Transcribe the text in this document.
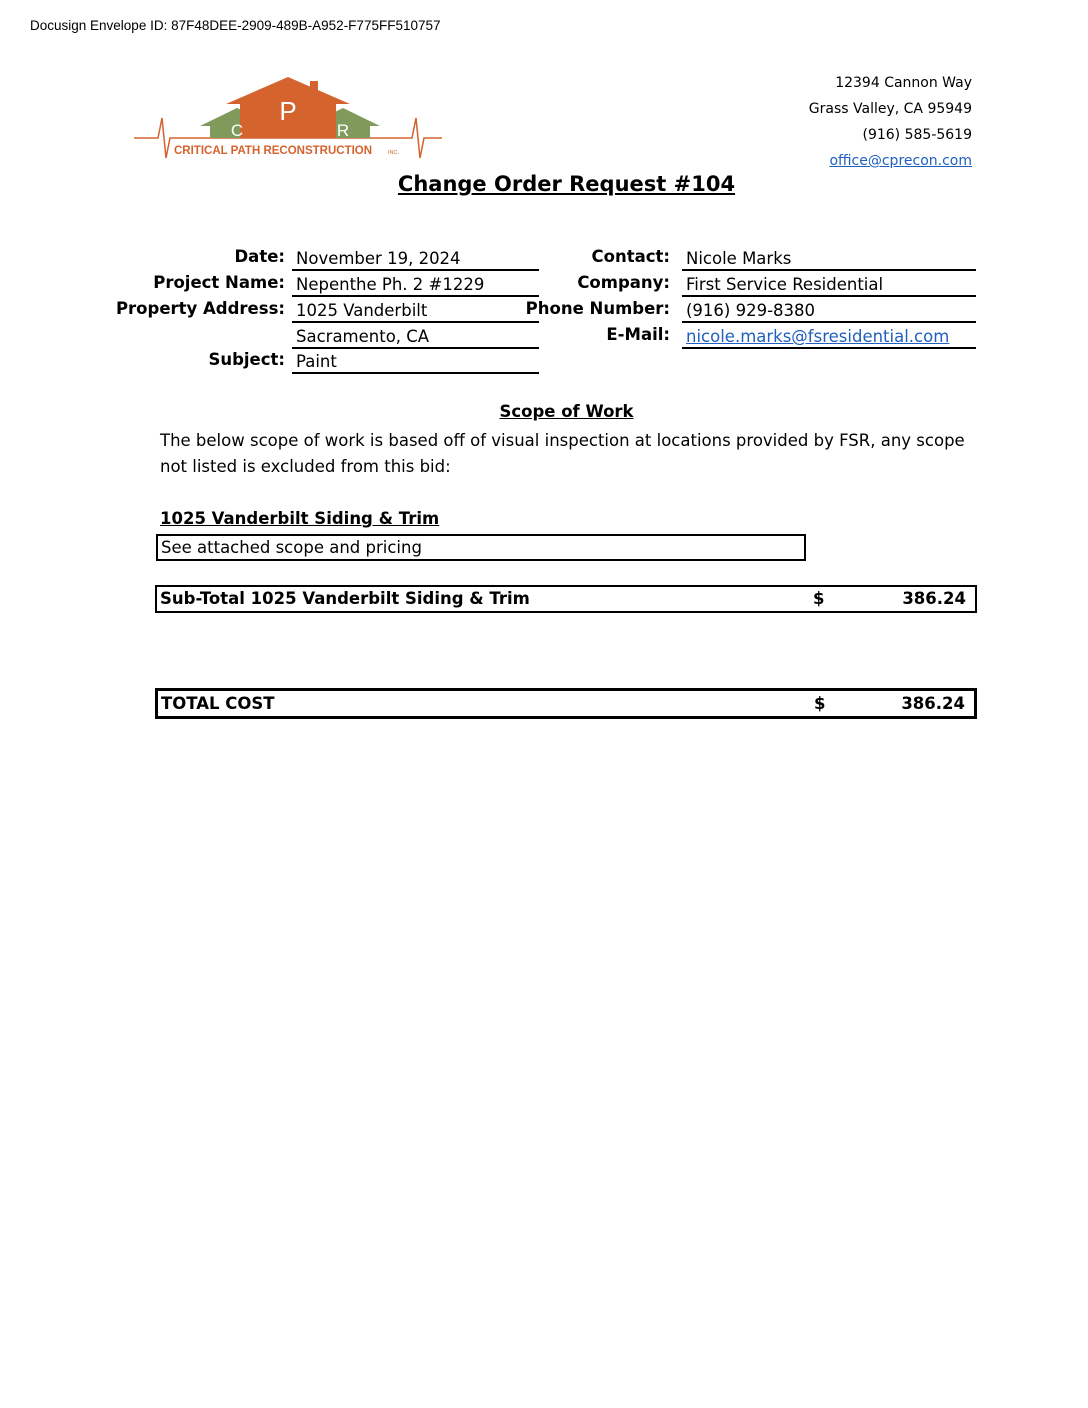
Docusign Envelope ID: 87F48DEE-2909-489B-A952-F775FF510757
C
P
R
CRITICAL PATH RECONSTRUCTION	INC.
12394 Cannon Way
Grass Valley, CA 95949
(916) 585-5619
office@cprecon.com
Change Order Request #104
Date: November 19, 2024
Project Name: Nepenthe Ph. 2 #1229
Property Address: 1025 Vanderbilt
Sacramento, CA
Subject: Paint
Contact: Nicole Marks
Company: First Service Residential
Phone Number: (916) 929-8380
E-Mail: nicole.marks@fsresidential.com
Scope of Work
The below scope of work is based off of visual inspection at locations provided by FSR, any scope not listed is excluded from this bid:
1025 Vanderbilt Siding & Trim
See attached scope and pricing
Sub-Total 1025 Vanderbilt Siding & Trim	$	386.24
TOTAL COST	$	386.24
